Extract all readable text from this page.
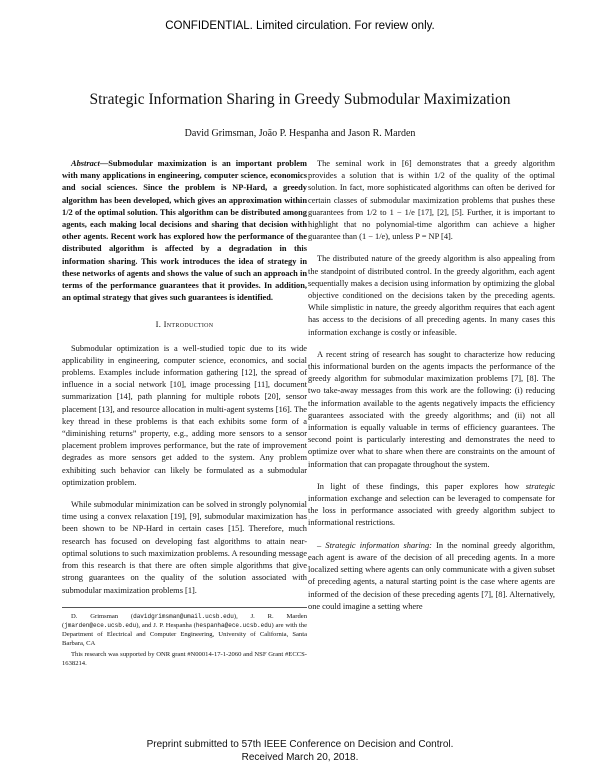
CONFIDENTIAL. Limited circulation. For review only.
Strategic Information Sharing in Greedy Submodular Maximization
David Grimsman, João P. Hespanha and Jason R. Marden

Abstract—Submodular maximization is an important problem with many applications in engineering, computer science, economics and social sciences. Since the problem is NP-Hard, a greedy algorithm has been developed, which gives an approximation within 1/2 of the optimal solution. This algorithm can be distributed among agents, each making local decisions and sharing that decision with other agents. Recent work has explored how the performance of the distributed algorithm is affected by a degradation in this information sharing. This work introduces the idea of strategy in these networks of agents and shows the value of such an approach in terms of the performance guarantees that it provides. In addition, an optimal strategy that gives such guarantees is identified.

I. Introduction

Submodular optimization is a well-studied topic due to its wide applicability in engineering, computer science, economics, and social problems. Examples include information gathering [12], the spread of influence in a social network [10], image processing [11], document summarization [14], path planning for multiple robots [20], sensor placement [13], and resource allocation in multi-agent systems [16]. The key thread in these problems is that each exhibits some form of a “diminishing returns” property, e.g., adding more sensors to a sensor placement problem improves performance, but the rate of improvement degrades as more sensors get added to the system. Any problem exhibiting such behavior can likely be formulated as a submodular optimization problem.

While submodular minimization can be solved in strongly polynomial time using a convex relaxation [19], [9], submodular maximization has been shown to be NP-Hard in certain cases [15]. Therefore, much research has focused on developing fast algorithms to attain near-optimal solutions to such maximization problems. A resounding message from this research is that there are often simple algorithms that give strong guarantees on the quality of the solution associated with submodular maximization problems [1].

D. Grimsman (davidgrimsman@umail.ucsb.edu), J. R. Marden (jmarden@ece.ucsb.edu), and J. P. Hespanha (hespanha@ece.ucsb.edu) are with the Department of Electrical and Computer Engineering, University of California, Santa Barbara, CA
This research was supported by ONR grant #N00014-17-1-2060 and NSF Grant #ECCS-1638214.

The seminal work in [6] demonstrates that a greedy algorithm provides a solution that is within 1/2 of the quality of the optimal solution. In fact, more sophisticated algorithms can often be derived for certain classes of submodular maximization problems that pushes these guarantees from 1/2 to 1 − 1/e [17], [2], [5]. Further, it is important to highlight that no polynomial-time algorithm can achieve a higher guarantee than (1 − 1/e), unless P = NP [4].

The distributed nature of the greedy algorithm is also appealing from the standpoint of distributed control. In the greedy algorithm, each agent sequentially makes a decision using information by optimizing the global objective conditioned on the decisions taken by the preceding agents. While simplistic in nature, the greedy algorithm requires that each agent has access to the decisions of all preceding agents. In many cases this information exchange is costly or infeasible.

A recent string of research has sought to characterize how reducing this informational burden on the agents impacts the performance of the greedy algorithm for submodular maximization problems [7], [8]. The two take-away messages from this work are the following: (i) reducing the information available to the agents negatively impacts the efficiency guarantees associated with the greedy algorithms; and (ii) not all information is equally valuable in terms of efficiency guarantees. The second point is particularly interesting and demonstrates the need to optimize over what to share when there are constraints on the amount of information that can propagate throughout the system.

In light of these findings, this paper explores how strategic information exchange and selection can be leveraged to compensate for the loss in performance associated with greedy algorithm subject to informational restrictions.

– Strategic information sharing: In the nominal greedy algorithm, each agent is aware of the decision of all preceding agents. In a more localized setting where agents can only communicate with a given subset of preceding agents, a natural starting point is the case where agents are informed of the decision of these preceding agents [7], [8]. Alternatively, one could imagine a setting where

Preprint submitted to 57th IEEE Conference on Decision and Control.
Received March 20, 2018.
